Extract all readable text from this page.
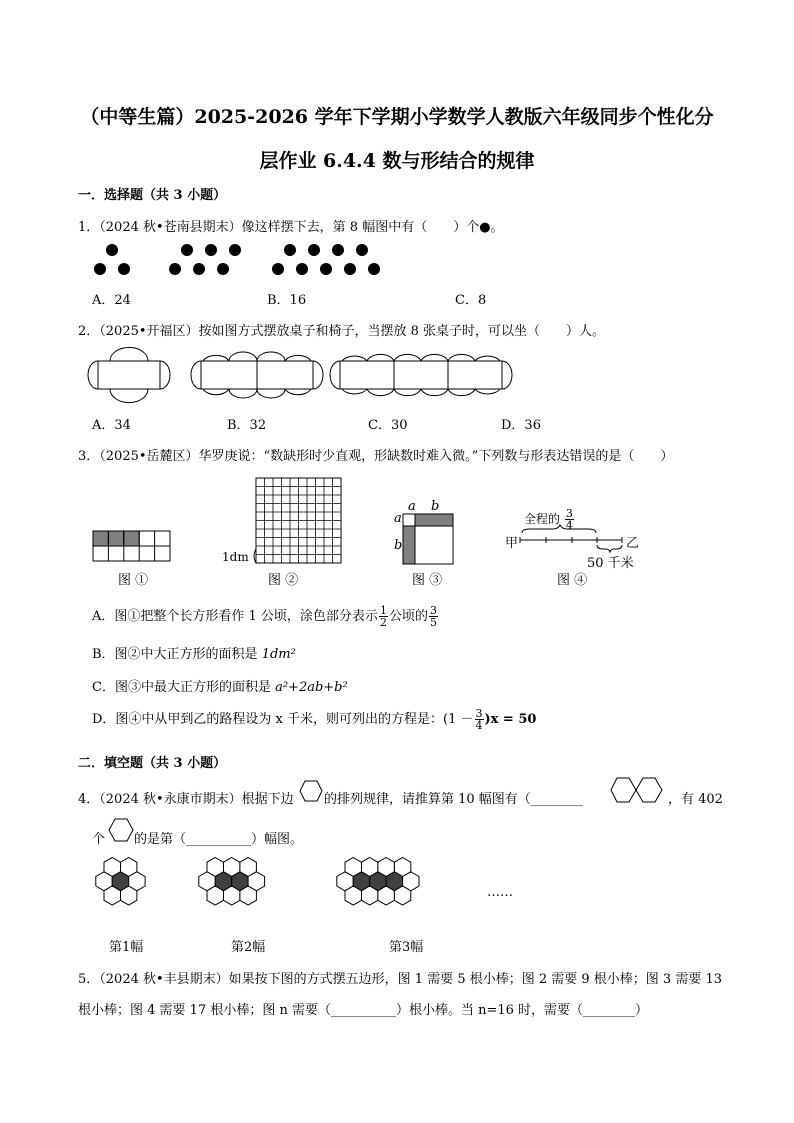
（中等生篇）2025-2026 学年下学期小学数学人教版六年级同步个性化分
层作业 6.4.4 数与形结合的规律
一．选择题（共 3 小题）
1．（2024 秋•苍南县期末）像这样摆下去，第 8 幅图中有（　　）个●。
A．24	B．16	C．8
2．（2025•开福区）按如图方式摆放桌子和椅子，当摆放 8 张桌子时，可以坐（　　）人。
A．34	B．32	C．30	D．36
3．（2025•岳麓区）华罗庚说：“数缺形时少直观，形缺数时难入微。”下列数与形表达错误的是（　　）
图 ①
1dm
图 ②
a b
a
b
图 ③
全程的 $\frac{3}{4}$
甲	乙
50 千米
图 ④
A．图①把整个长方形看作 1 公顷，涂色部分表示 $\frac{1}{2}$ 公顷的 $\frac{3}{5}$
B．图②中大正方形的面积是 1dm²
C．图③中最大正方形的面积是 a²+2ab+b²
D．图④中从甲到乙的路程设为 x 千米，则可列出的方程是：$(1 - \frac{3}{4} )x = 50$
二．填空题（共 3 小题）
4．（2024 秋•永康市期末）根据下边 的排列规律，请推算第 10 幅图有（________	，有 402
个 的是第（__________）幅图。
……
第1幅	第2幅	第3幅
5．（2024 秋•丰县期末）如果按下图的方式摆五边形，图 1 需要 5 根小棒；图 2 需要 9 根小棒；图 3 需要 13
根小棒；图 4 需要 17 根小棒；图 n 需要（__________）根小棒。当 n=16 时，需要（________）
